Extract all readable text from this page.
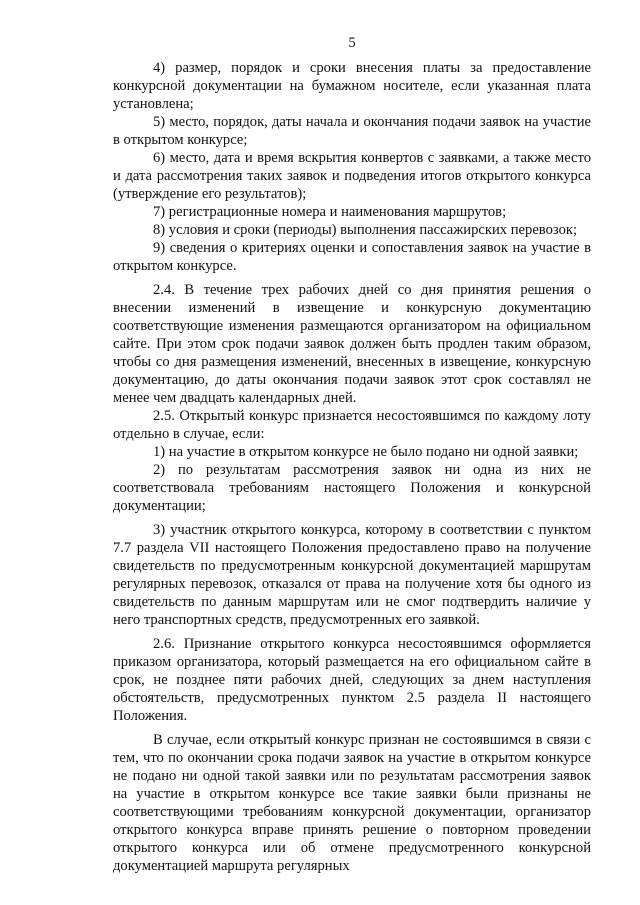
5

4) размер, порядок и сроки внесения платы за предоставление конкурсной документации на бумажном носителе, если указанная плата установлена;

5) место, порядок, даты начала и окончания подачи заявок на участие в открытом конкурсе;

6) место, дата и время вскрытия конвертов с заявками, а также место и дата рассмотрения таких заявок и подведения итогов открытого конкурса (утверждение его результатов);

7) регистрационные номера и наименования маршрутов;

8) условия и сроки (периоды) выполнения пассажирских перевозок;

9) сведения о критериях оценки и сопоставления заявок на участие в открытом конкурсе.

2.4. В течение трех рабочих дней со дня принятия решения о внесении изменений в извещение и конкурсную документацию соответствующие изменения размещаются организатором на официальном сайте. При этом срок подачи заявок должен быть продлен таким образом, чтобы со дня размещения изменений, внесенных в извещение, конкурсную документацию, до даты окончания подачи заявок этот срок составлял не менее чем двадцать календарных дней.

2.5. Открытый конкурс признается несостоявшимся по каждому лоту отдельно в случае, если:

1) на участие в открытом конкурсе не было подано ни одной заявки;

2) по результатам рассмотрения заявок ни одна из них не соответствовала требованиям настоящего Положения и конкурсной документации;

3) участник открытого конкурса, которому в соответствии с пунктом 7.7 раздела VII настоящего Положения предоставлено право на получение свидетельств по предусмотренным конкурсной документацией маршрутам регулярных перевозок, отказался от права на получение хотя бы одного из свидетельств по данным маршрутам или не смог подтвердить наличие у него транспортных средств, предусмотренных его заявкой.

2.6. Признание открытого конкурса несостоявшимся оформляется приказом организатора, который размещается на его официальном сайте в срок, не позднее пяти рабочих дней, следующих за днем наступления обстоятельств, предусмотренных пунктом 2.5 раздела II настоящего Положения.

В случае, если открытый конкурс признан не состоявшимся в связи с тем, что по окончании срока подачи заявок на участие в открытом конкурсе не подано ни одной такой заявки или по результатам рассмотрения заявок на участие в открытом конкурсе все такие заявки были признаны не соответствующими требованиям конкурсной документации, организатор открытого конкурса вправе принять решение о повторном проведении открытого конкурса или об отмене предусмотренного конкурсной документацией маршрута регулярных
